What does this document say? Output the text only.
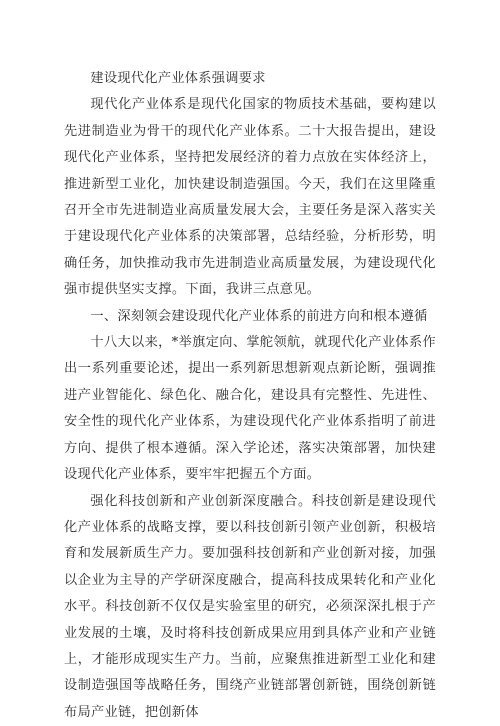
建设现代化产业体系强调要求

现代化产业体系是现代化国家的物质技术基础，要构建以先进制造业为骨干的现代化产业体系。二十大报告提出，建设现代化产业体系，坚持把发展经济的着力点放在实体经济上，推进新型工业化，加快建设制造强国。今天，我们在这里隆重召开全市先进制造业高质量发展大会，主要任务是深入落实关于建设现代化产业体系的决策部署，总结经验，分析形势，明确任务，加快推动我市先进制造业高质量发展，为建设现代化强市提供坚实支撑。下面，我讲三点意见。

一、深刻领会建设现代化产业体系的前进方向和根本遵循

十八大以来，*举旗定向、掌舵领航，就现代化产业体系作出一系列重要论述，提出一系列新思想新观点新论断，强调推进产业智能化、绿色化、融合化，建设具有完整性、先进性、安全性的现代化产业体系，为建设现代化产业体系指明了前进方向、提供了根本遵循。深入学论述，落实决策部署，加快建设现代化产业体系，要牢牢把握五个方面。

强化科技创新和产业创新深度融合。科技创新是建设现代化产业体系的战略支撑，要以科技创新引领产业创新，积极培育和发展新质生产力。要加强科技创新和产业创新对接，加强以企业为主导的产学研深度融合，提高科技成果转化和产业化水平。科技创新不仅仅是实验室里的研究，必须深深扎根于产业发展的土壤，及时将科技创新成果应用到具体产业和产业链上，才能形成现实生产力。当前，应聚焦推进新型工业化和建设制造强国等战略任务，围绕产业链部署创新链，围绕创新链布局产业链，把创新体
